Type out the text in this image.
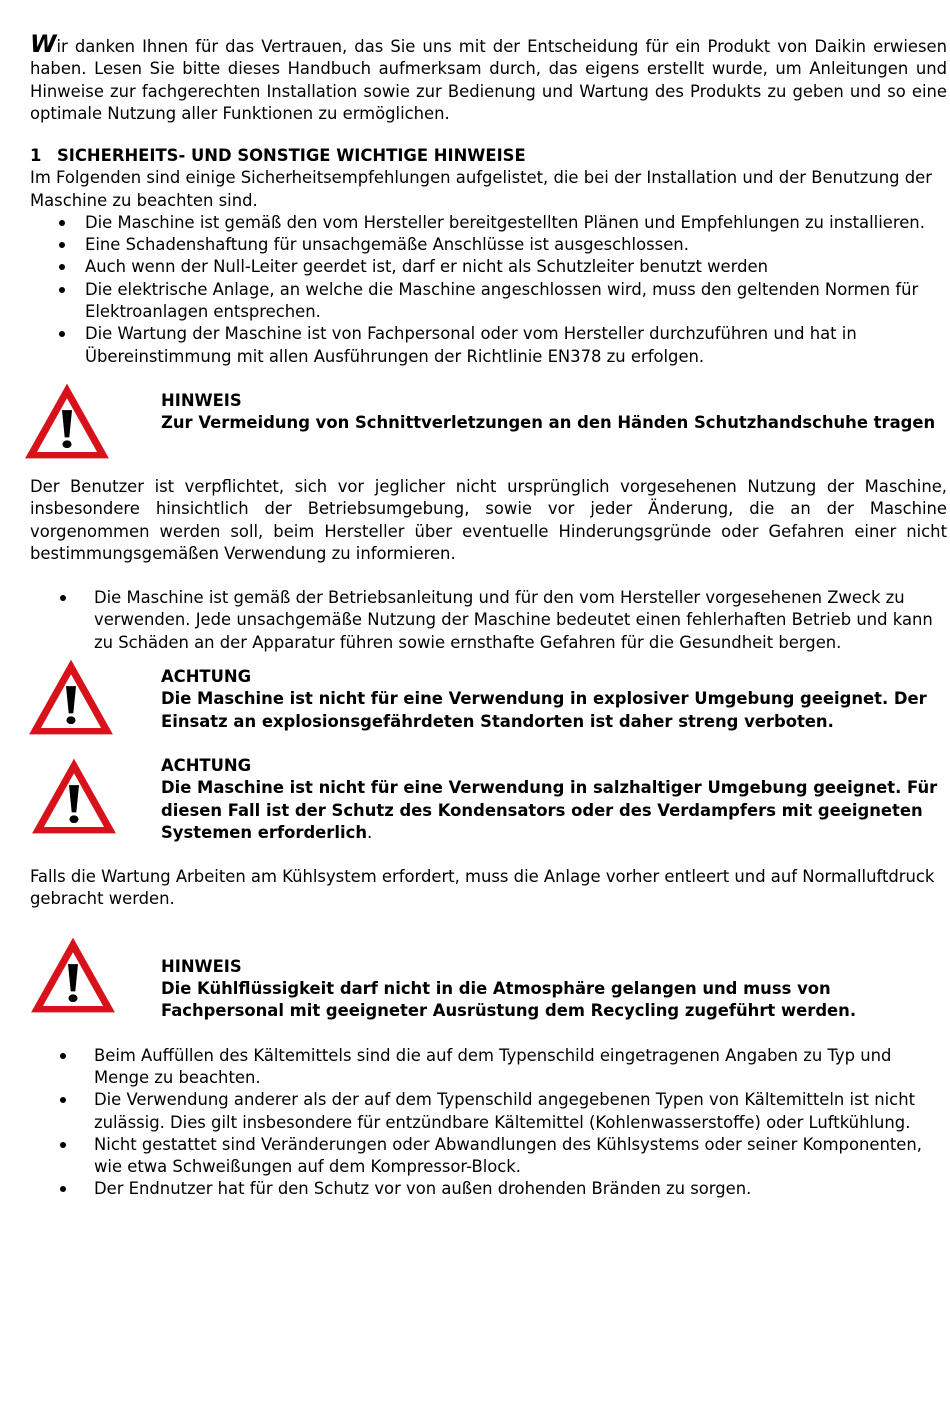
Wir danken Ihnen für das Vertrauen, das Sie uns mit der Entscheidung für ein Produkt von Daikin erwiesen haben. Lesen Sie bitte dieses Handbuch aufmerksam durch, das eigens erstellt wurde, um Anleitungen und Hinweise zur fachgerechten Installation sowie zur Bedienung und Wartung des Produkts zu geben und so eine optimale Nutzung aller Funktionen zu ermöglichen.

1 SICHERHEITS- UND SONSTIGE WICHTIGE HINWEISE

Im Folgenden sind einige Sicherheitsempfehlungen aufgelistet, die bei der Installation und der Benutzung der Maschine zu beachten sind.

Die Maschine ist gemäß den vom Hersteller bereitgestellten Plänen und Empfehlungen zu installieren.
Eine Schadenshaftung für unsachgemäße Anschlüsse ist ausgeschlossen.
Auch wenn der Null-Leiter geerdet ist, darf er nicht als Schutzleiter benutzt werden
Die elektrische Anlage, an welche die Maschine angeschlossen wird, muss den geltenden Normen für Elektroanlagen entsprechen.
Die Wartung der Maschine ist von Fachpersonal oder vom Hersteller durchzuführen und hat in Übereinstimmung mit allen Ausführungen der Richtlinie EN378 zu erfolgen.
HINWEIS
Zur Vermeidung von Schnittverletzungen an den Händen Schutzhandschuhe tragen

Der Benutzer ist verpflichtet, sich vor jeglicher nicht ursprünglich vorgesehenen Nutzung der Maschine, insbesondere hinsichtlich der Betriebsumgebung, sowie vor jeder Änderung, die an der Maschine vorgenommen werden soll, beim Hersteller über eventuelle Hinderungsgründe oder Gefahren einer nicht bestimmungsgemäßen Verwendung zu informieren.

Die Maschine ist gemäß der Betriebsanleitung und für den vom Hersteller vorgesehenen Zweck zu verwenden. Jede unsachgemäße Nutzung der Maschine bedeutet einen fehlerhaften Betrieb und kann zu Schäden an der Apparatur führen sowie ernsthafte Gefahren für die Gesundheit bergen.
ACHTUNG
Die Maschine ist nicht für eine Verwendung in explosiver Umgebung geeignet. Der Einsatz an explosionsgefährdeten Standorten ist daher streng verboten.
ACHTUNG
Die Maschine ist nicht für eine Verwendung in salzhaltiger Umgebung geeignet. Für diesen Fall ist der Schutz des Kondensators oder des Verdampfers mit geeigneten Systemen erforderlich.

Falls die Wartung Arbeiten am Kühlsystem erfordert, muss die Anlage vorher entleert und auf Normalluftdruck gebracht werden.

HINWEIS
Die Kühlflüssigkeit darf nicht in die Atmosphäre gelangen und muss von Fachpersonal mit geeigneter Ausrüstung dem Recycling zugeführt werden.
Beim Auffüllen des Kältemittels sind die auf dem Typenschild eingetragenen Angaben zu Typ und Menge zu beachten.
Die Verwendung anderer als der auf dem Typenschild angegebenen Typen von Kältemitteln ist nicht zulässig. Dies gilt insbesondere für entzündbare Kältemittel (Kohlenwasserstoffe) oder Luftkühlung.
Nicht gestattet sind Veränderungen oder Abwandlungen des Kühlsystems oder seiner Komponenten, wie etwa Schweißungen auf dem Kompressor-Block.
Der Endnutzer hat für den Schutz vor von außen drohenden Bränden zu sorgen.
